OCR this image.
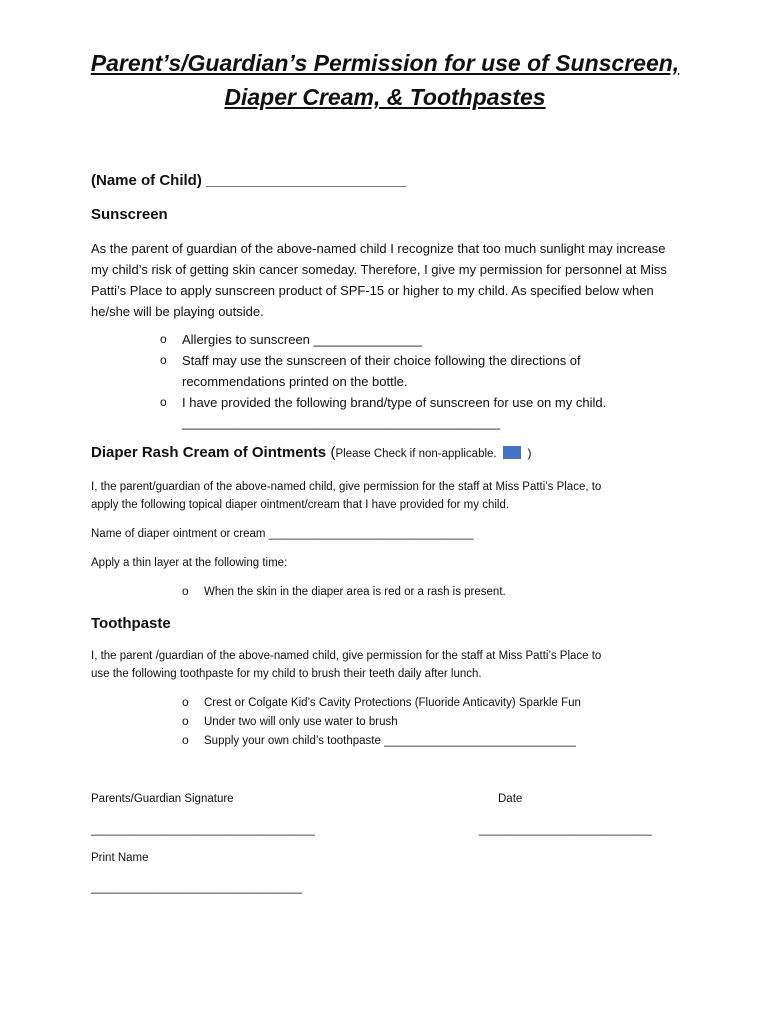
Parent’s/Guardian’s Permission for use of Sunscreen,
Diaper Cream, & Toothpastes
(Name of Child) ________________________
Sunscreen
As the parent of guardian of the above-named child I recognize that too much sunlight may increase my child’s risk of getting skin cancer someday. Therefore, I give my permission for personnel at Miss Patti’s Place to apply sunscreen product of SPF-15 or higher to my child. As specified below when he/she will be playing outside.
o Allergies to sunscreen _______________
o Staff may use the sunscreen of their choice following the directions of
recommendations printed on the bottle.
o I have provided the following brand/type of sunscreen for use on my child.
____________________________________________
Diaper Rash Cream of Ointments (Please Check if non-applicable.	)
I, the parent/guardian of the above-named child, give permission for the staff at Miss Patti’s Place, to
apply the following topical diaper ointment/cream that I have provided for my child.
Name of diaper ointment or cream ________________________________
Apply a thin layer at the following time:
o When the skin in the diaper area is red or a rash is present.
Toothpaste
I, the parent /guardian of the above-named child, give permission for the staff at Miss Patti’s Place to
use the following toothpaste for my child to brush their teeth daily after lunch.
o Crest or Colgate Kid’s Cavity Protections (Fluoride Anticavity) Sparkle Fun
o Under two will only use water to brush
o Supply your own child’s toothpaste ______________________________
Parents/Guardian Signature	Date
___________________________________	___________________________
Print Name
_________________________________
